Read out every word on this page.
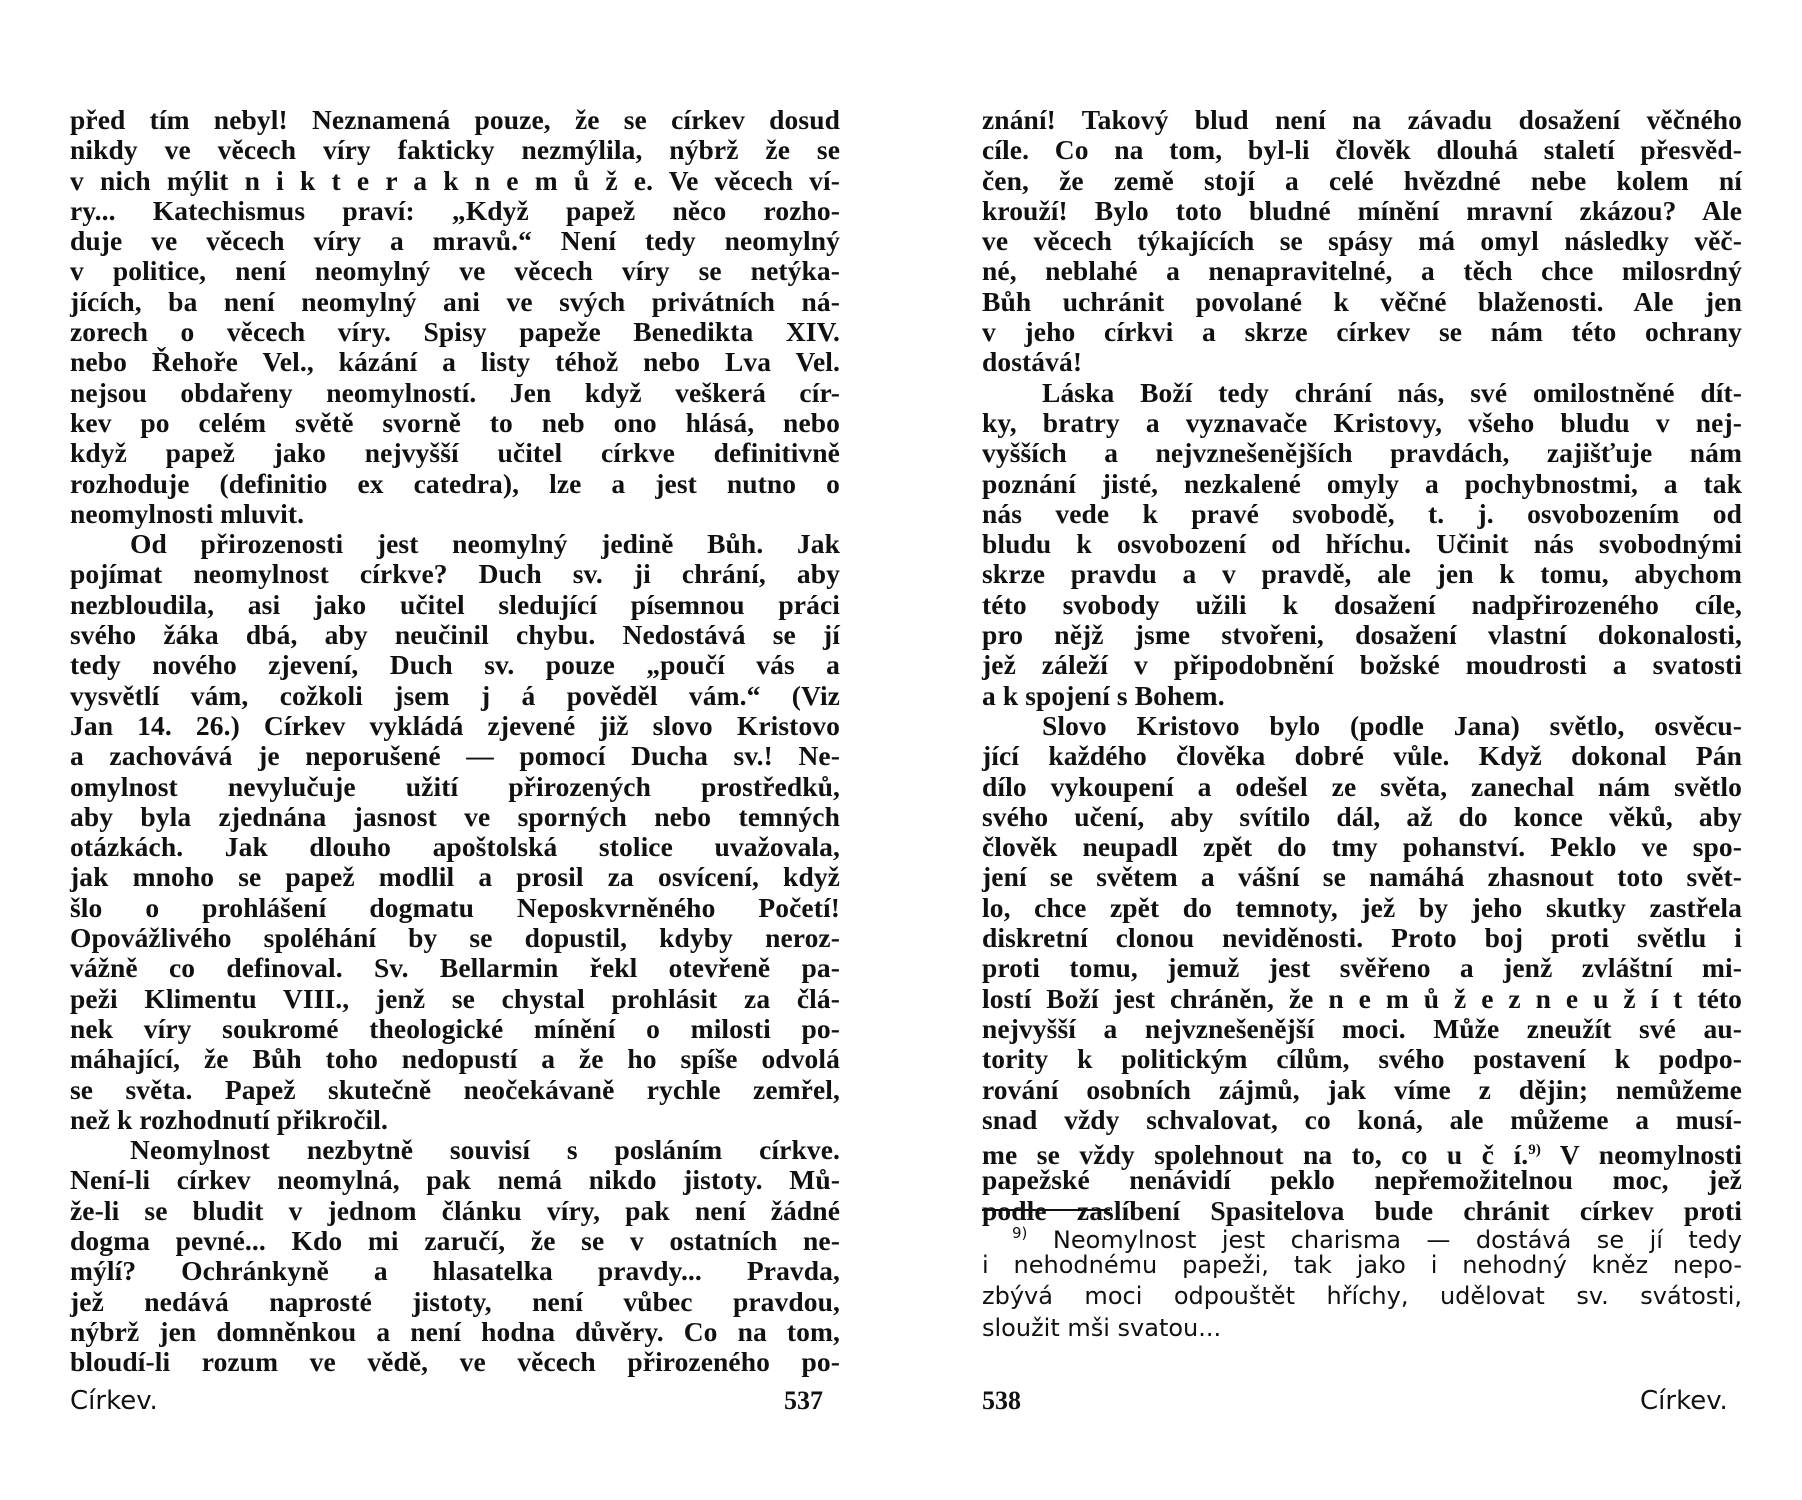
před tím nebyl! Neznamená pouze, že se církev dosud
nikdy ve věcech víry fakticky nezmýlila, nýbrž že se
v nich mýlit n i k t e r a k n e m ů ž e. Ve věcech ví-
ry... Katechismus praví: „Když papež něco rozho-
duje ve věcech víry a mravů.“ Není tedy neomylný
v politice, není neomylný ve věcech víry se netýka-
jících, ba není neomylný ani ve svých privátních ná-
zorech o věcech víry. Spisy papeže Benedikta XIV.
nebo Řehoře Vel., kázání a listy téhož nebo Lva Vel.
nejsou obdařeny neomylností. Jen když veškerá cír-
kev po celém světě svorně to neb ono hlásá, nebo
když papež jako nejvyšší učitel církve definitivně
rozhoduje (definitio ex catedra), lze a jest nutno o
neomylnosti mluvit.
Od přirozenosti jest neomylný jedině Bůh. Jak
pojímat neomylnost církve? Duch sv. ji chrání, aby
nezbloudila, asi jako učitel sledující písemnou práci
svého žáka dbá, aby neučinil chybu. Nedostává se jí
tedy nového zjevení, Duch sv. pouze „poučí vás a
vysvětlí vám, cožkoli jsem j á pověděl vám.“ (Viz
Jan 14. 26.) Církev vykládá zjevené již slovo Kristovo
a zachovává je neporušené — pomocí Ducha sv.! Ne-
omylnost nevylučuje užití přirozených prostředků,
aby byla zjednána jasnost ve sporných nebo temných
otázkách. Jak dlouho apoštolská stolice uvažovala,
jak mnoho se papež modlil a prosil za osvícení, když
šlo o prohlášení dogmatu Neposkvrněného Početí!
Opovážlivého spoléhání by se dopustil, kdyby neroz-
vážně co definoval. Sv. Bellarmin řekl otevřeně pa-
peži Klimentu VIII., jenž se chystal prohlásit za člá-
nek víry soukromé theologické mínění o milosti po-
máhající, že Bůh toho nedopustí a že ho spíše odvolá
se světa. Papež skutečně neočekávaně rychle zemřel,
než k rozhodnutí přikročil.
Neomylnost nezbytně souvisí s posláním církve.
Není-li církev neomylná, pak nemá nikdo jistoty. Mů-
že-li se bludit v jednom článku víry, pak není žádné
dogma pevné... Kdo mi zaručí, že se v ostatních ne-
mýlí? Ochránkyně a hlasatelka pravdy... Pravda,
jež nedává naprosté jistoty, není vůbec pravdou,
nýbrž jen domněnkou a není hodna důvěry. Co na tom,
bloudí-li rozum ve vědě, ve věcech přirozeného po-
znání! Takový blud není na závadu dosažení věčného
cíle. Co na tom, byl-li člověk dlouhá staletí přesvěd-
čen, že země stojí a celé hvězdné nebe kolem ní
krouží! Bylo toto bludné mínění mravní zkázou? Ale
ve věcech týkajících se spásy má omyl následky věč-
né, neblahé a nenapravitelné, a těch chce milosrdný
Bůh uchránit povolané k věčné blaženosti. Ale jen
v jeho církvi a skrze církev se nám této ochrany
dostává!
Láska Boží tedy chrání nás, své omilostněné dít-
ky, bratry a vyznavače Kristovy, všeho bludu v nej-
vyšších a nejvznešenějších pravdách, zajišťuje nám
poznání jisté, nezkalené omyly a pochybnostmi, a tak
nás vede k pravé svobodě, t. j. osvobozením od
bludu k osvobození od hříchu. Učinit nás svobodnými
skrze pravdu a v pravdě, ale jen k tomu, abychom
této svobody užili k dosažení nadpřirozeného cíle,
pro nějž jsme stvořeni, dosažení vlastní dokonalosti,
jež záleží v připodobnění božské moudrosti a svatosti
a k spojení s Bohem.
Slovo Kristovo bylo (podle Jana) světlo, osvěcu-
jící každého člověka dobré vůle. Když dokonal Pán
dílo vykoupení a odešel ze světa, zanechal nám světlo
svého učení, aby svítilo dál, až do konce věků, aby
člověk neupadl zpět do tmy pohanství. Peklo ve spo-
jení se světem a vášní se namáhá zhasnout toto svět-
lo, chce zpět do temnoty, jež by jeho skutky zastřela
diskretní clonou neviděnosti. Proto boj proti světlu i
proti tomu, jemuž jest svěřeno a jenž zvláštní mi-
lostí Boží jest chráněn, že n e m ů ž e z n e u ž í t této
nejvyšší a nejvznešenější moci. Může zneužít své au-
tority k politickým cílům, svého postavení k podpo-
rování osobních zájmů, jak víme z dějin; nemůžeme
snad vždy schvalovat, co koná, ale můžeme a musí-
me se vždy spolehnout na to, co u č í.$^{9)}$ V neomylnosti
papežské nenávidí peklo nepřemožitelnou moc, jež
podle zaslíbení Spasitelova bude chránit církev proti
$^{9)}$ Neomylnost jest charisma — dostává se jí tedy
i nehodnému papeži, tak jako i nehodný kněz nepo-
zbývá moci odpouštět hříchy, udělovat sv. svátosti,
sloužit mši svatou...
Církev.	537	538	Církev.
